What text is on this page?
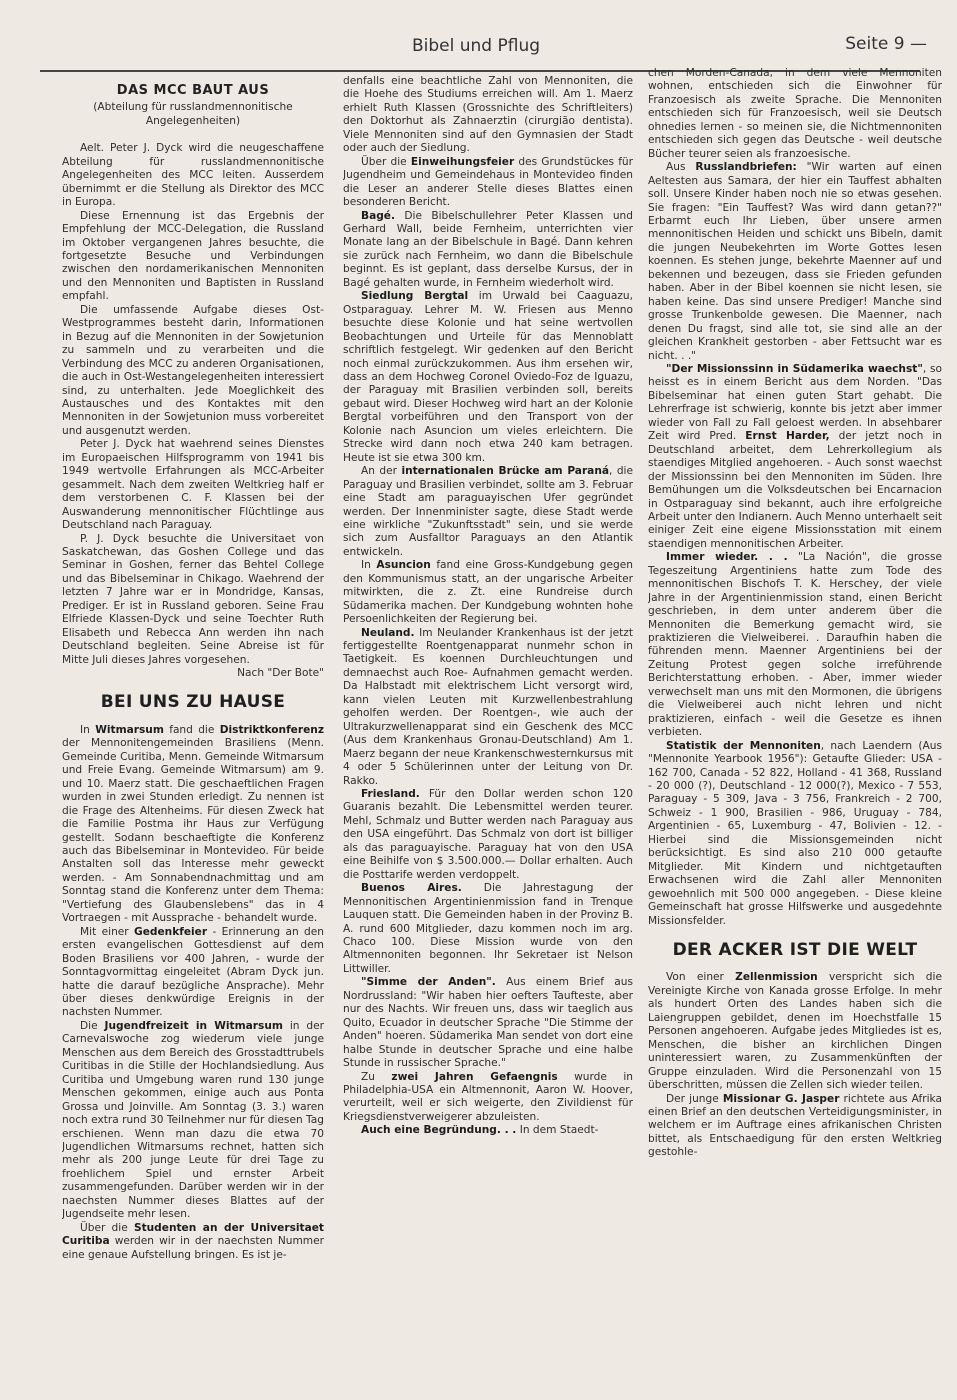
Bibel und Pflug	Seite 9 —
DAS MCC BAUT AUS
(Abteilung für russlandmennonitische Angelegenheiten)

Aelt. Peter J. Dyck wird die neugeschaffene Abteilung für russlandmennonitische Angelegenheiten des MCC leiten. Ausserdem übernimmt er die Stellung als Direktor des MCC in Europa.

Diese Ernennung ist das Ergebnis der Empfehlung der MCC-Delegation, die Russland im Oktober vergangenen Jahres besuchte, die fortgesetzte Besuche und Verbindungen zwischen den nordamerikanischen Mennoniten und den Mennoniten und Baptisten in Russland empfahl.

Die umfassende Aufgabe dieses Ost-Westprogrammes besteht darin, Informationen in Bezug auf die Mennoniten in der Sowjetunion zu sammeln und zu verarbeiten und die Verbindung des MCC zu anderen Organisationen, die auch in Ost-Westangelegenheiten interessiert sind, zu unterhalten. Jede Moeglichkeit des Austausches und des Kontaktes mit den Mennoniten in der Sowjetunion muss vorbereitet und ausgenutzt werden.

Peter J. Dyck hat waehrend seines Dienstes im Europaeischen Hilfsprogramm von 1941 bis 1949 wertvolle Erfahrungen als MCC-Arbeiter gesammelt. Nach dem zweiten Weltkrieg half er dem verstorbenen C. F. Klassen bei der Auswanderung mennonitischer Flüchtlinge aus Deutschland nach Paraguay.

P. J. Dyck besuchte die Universitaet von Saskatchewan, das Goshen College und das Seminar in Goshen, ferner das Behtel College und das Bibelseminar in Chikago. Waehrend der letzten 7 Jahre war er in Mondridge, Kansas, Prediger. Er ist in Russland geboren. Seine Frau Elfriede Klassen-Dyck und seine Toechter Ruth Elisabeth und Rebecca Ann werden ihn nach Deutschland begleiten. Seine Abreise ist für Mitte Juli dieses Jahres vorgesehen.

Nach "Der Bote"

BEI UNS ZU HAUSE

In Witmarsum fand die Distriktkonferenz der Mennonitengemeinden Brasiliens (Menn. Gemeinde Curitiba, Menn. Gemeinde Witmarsum und Freie Evang. Gemeinde Witmarsum) am 9. und 10. Maerz statt. Die geschaeftlichen Fragen wurden in zwei Stunden erledigt. Zu nennen ist die Frage des Altenheims. Für diesen Zweck hat die Familie Postma ihr Haus zur Verfügung gestellt. Sodann beschaeftigte die Konferenz auch das Bibelseminar in Montevideo. Für beide Anstalten soll das Interesse mehr geweckt werden. - Am Sonnabendnachmittag und am Sonntag stand die Konferenz unter dem Thema: "Vertiefung des Glaubenslebens" das in 4 Vortraegen - mit Aussprache - behandelt wurde.

Mit einer Gedenkfeier - Erinnerung an den ersten evangelischen Gottesdienst auf dem Boden Brasiliens vor 400 Jahren, - wurde der Sonntagvormittag eingeleitet (Abram Dyck jun. hatte die darauf bezügliche Ansprache). Mehr über dieses denkwürdige Ereignis in der nachsten Nummer.

Die Jugendfreizeit in Witmarsum in der Carnevalswoche zog wiederum viele junge Menschen aus dem Bereich des Grosstadttrubels Curitibas in die Stille der Hochlandsiedlung. Aus Curitiba und Umgebung waren rund 130 junge Menschen gekommen, einige auch aus Ponta Grossa und Joinville. Am Sonntag (3. 3.) waren noch extra rund 30 Teilnehmer nur für diesen Tag erschienen. Wenn man dazu die etwa 70 Jugendlichen Witmarsums rechnet, hatten sich mehr als 200 junge Leute für drei Tage zu froehlichem Spiel und ernster Arbeit zusammengefunden. Darüber werden wir in der naechsten Nummer dieses Blattes auf der Jugendseite mehr lesen.

Über die Studenten an der Universitaet Curitiba werden wir in der naechsten Nummer eine genaue Aufstellung bringen. Es ist je-

denfalls eine beachtliche Zahl von Mennoniten, die die Hoehe des Studiums erreichen will. Am 1. Maerz erhielt Ruth Klassen (Grossnichte des Schriftleiters) den Doktorhut als Zahnaerztin (cirurgião dentista). Viele Mennoniten sind auf den Gymnasien der Stadt oder auch der Siedlung.

Über die Einweihungsfeier des Grundstückes für Jugendheim und Gemeindehaus in Montevideo finden die Leser an anderer Stelle dieses Blattes einen besonderen Bericht.

Bagé. Die Bibelschullehrer Peter Klassen und Gerhard Wall, beide Fernheim, unterrichten vier Monate lang an der Bibelschule in Bagé. Dann kehren sie zurück nach Fernheim, wo dann die Bibelschule beginnt. Es ist geplant, dass derselbe Kursus, der in Bagé gehalten wurde, in Fernheim wiederholt wird.

Siedlung Bergtal im Urwald bei Caaguazu, Ostparaguay. Lehrer M. W. Friesen aus Menno besuchte diese Kolonie und hat seine wertvollen Beobachtungen und Urteile für das Mennoblatt schriftlich festgelegt. Wir gedenken auf den Bericht noch einmal zurückzukommen. Aus ihm ersehen wir, dass an dem Hochweg Coronel Oviedo-Foz de Iguazu, der Paraguay mit Brasilien verbinden soll, bereits gebaut wird. Dieser Hochweg wird hart an der Kolonie Bergtal vorbeiführen und den Transport von der Kolonie nach Asuncion um vieles erleichtern. Die Strecke wird dann noch etwa 240 kam betragen. Heute ist sie etwa 300 km.

An der internationalen Brücke am Paraná, die Paraguay und Brasilien verbindet, sollte am 3. Februar eine Stadt am paraguayischen Ufer gegründet werden. Der Innenminister sagte, diese Stadt werde eine wirkliche "Zukunftsstadt" sein, und sie werde sich zum Ausfalltor Paraguays an den Atlantik entwickeln.

In Asuncion fand eine Gross-Kundgebung gegen den Kommunismus statt, an der ungarische Arbeiter mitwirkten, die z. Zt. eine Rundreise durch Südamerika machen. Der Kundgebung wohnten hohe Persoenlichkeiten der Regierung bei.

Neuland. Im Neulander Krankenhaus ist der jetzt fertiggestellte Roentgenapparat nunmehr schon in Taetigkeit. Es koennen Durchleuchtungen und demnaechst auch Roe- Aufnahmen gemacht werden. Da Halbstadt mit elektrischem Licht versorgt wird, kann vielen Leuten mit Kurzwellenbestrahlung geholfen werden. Der Roentgen-, wie auch der Ultrakurzwellenapparat sind ein Geschenk des MCC (Aus dem Krankenhaus Gronau-Deutschland) Am 1. Maerz begann der neue Krankenschwesternkursus mit 4 oder 5 Schülerinnen unter der Leitung von Dr. Rakko.

Friesland. Für den Dollar werden schon 120 Guaranis bezahlt. Die Lebensmittel werden teurer. Mehl, Schmalz und Butter werden nach Paraguay aus den USA eingeführt. Das Schmalz von dort ist billiger als das paraguayische. Paraguay hat von den USA eine Beihilfe von $ 3.500.000.— Dollar erhalten. Auch die Posttarife werden verdoppelt.

Buenos Aires. Die Jahrestagung der Mennonitischen Argentinienmission fand in Trenque Lauquen statt. Die Gemeinden haben in der Provinz B. A. rund 600 Mitglieder, dazu kommen noch im arg. Chaco 100. Diese Mission wurde von den Altmennoniten begonnen. Ihr Sekretaer ist Nelson Littwiller.

"Simme der Anden". Aus einem Brief aus Nordrussland: "Wir haben hier oefters Taufteste, aber nur des Nachts. Wir freuen uns, dass wir taeglich aus Quito, Ecuador in deutscher Sprache "Die Stimme der Anden" hoeren. Südamerika Man sendet von dort eine halbe Stunde in deutscher Sprache und eine halbe Stunde in russischer Sprache."

Zu zwei Jahren Gefaengnis wurde in Philadelphia-USA ein Altmennonit, Aaron W. Hoover, verurteilt, weil er sich weigerte, den Zivildienst für Kriegsdienstverweigerer abzuleisten.

Auch eine Begründung. . . In dem Staedt-

chen Morden-Canada, in dem viele Mennoniten wohnen, entschieden sich die Einwohner für Franzoesisch als zweite Sprache. Die Mennoniten entschieden sich für Franzoesisch, weil sie Deutsch ohnedies lernen - so meinen sie, die Nichtmennoniten entschieden sich gegen das Deutsche - weil deutsche Bücher teurer seien als franzoesische.

Aus Russlandbriefen: "Wir warten auf einen Aeltesten aus Samara, der hier ein Tauffest abhalten soll. Unsere Kinder haben noch nie so etwas gesehen. Sie fragen: "Ein Tauffest? Was wird dann getan??" Erbarmt euch Ihr Lieben, über unsere armen mennonitischen Heiden und schickt uns Bibeln, damit die jungen Neubekehrten im Worte Gottes lesen koennen. Es stehen junge, bekehrte Maenner auf und bekennen und bezeugen, dass sie Frieden gefunden haben. Aber in der Bibel koennen sie nicht lesen, sie haben keine. Das sind unsere Prediger! Manche sind grosse Trunkenbolde gewesen. Die Maenner, nach denen Du fragst, sind alle tot, sie sind alle an der gleichen Krankheit gestorben - aber Fettsucht war es nicht. . ."

"Der Missionssinn in Südamerika waechst", so heisst es in einem Bericht aus dem Norden. "Das Bibelseminar hat einen guten Start gehabt. Die Lehrerfrage ist schwierig, konnte bis jetzt aber immer wieder von Fall zu Fall geloest werden. In absehbarer Zeit wird Pred. Ernst Harder, der jetzt noch in Deutschland arbeitet, dem Lehrerkollegium als staendiges Mitglied angehoeren. - Auch sonst waechst der Missionssinn bei den Mennoniten im Süden. Ihre Bemühungen um die Volksdeutschen bei Encarnacion in Ostparaguay sind bekannt, auch ihre erfolgreiche Arbeit unter den Indianern. Auch Menno unterhaelt seit einiger Zeit eine eigene Missionsstation mit einem staendigen mennonitischen Arbeiter.

Immer wieder. . . "La Nación", die grosse Tegeszeitung Argentiniens hatte zum Tode des mennonitischen Bischofs T. K. Herschey, der viele Jahre in der Argentinienmission stand, einen Bericht geschrieben, in dem unter anderem über die Mennoniten die Bemerkung gemacht wird, sie praktizieren die Vielweiberei. . Daraufhin haben die führenden menn. Maenner Argentiniens bei der Zeitung Protest gegen solche irreführende Berichterstattung erhoben. - Aber, immer wieder verwechselt man uns mit den Mormonen, die übrigens die Vielweiberei auch nicht lehren und nicht praktizieren, einfach - weil die Gesetze es ihnen verbieten.

Statistik der Mennoniten, nach Laendern (Aus "Mennonite Yearbook 1956"): Getaufte Glieder: USA - 162 700, Canada - 52 822, Holland - 41 368, Russland - 20 000 (?), Deutschland - 12 000(?), Mexico - 7 553, Paraguay - 5 309, Java - 3 756, Frankreich - 2 700, Schweiz - 1 900, Brasilien - 986, Uruguay - 784, Argentinien - 65, Luxemburg - 47, Bolivien - 12. - Hierbei sind die Missionsgemeinden nicht berücksichtigt. Es sind also 210 000 getaufte Mitglieder. Mit Kindern und nichtgetauften Erwachsenen wird die Zahl aller Mennoniten gewoehnlich mit 500 000 angegeben. - Diese kleine Gemeinschaft hat grosse Hilfswerke und ausgedehnte Missionsfelder.

DER ACKER IST DIE WELT

Von einer Zellenmission verspricht sich die Vereinigte Kirche von Kanada grosse Erfolge. In mehr als hundert Orten des Landes haben sich die Laiengruppen gebildet, denen im Hoechstfalle 15 Personen angehoeren. Aufgabe jedes Mitgliedes ist es, Menschen, die bisher an kirchlichen Dingen uninteressiert waren, zu Zusammenkünften der Gruppe einzuladen. Wird die Personenzahl von 15 überschritten, müssen die Zellen sich wieder teilen.

Der junge Missionar G. Jasper richtete aus Afrika einen Brief an den deutschen Verteidigungsminister, in welchem er im Auftrage eines afrikanischen Christen bittet, als Entschaedigung für den ersten Weltkrieg gestohle-
